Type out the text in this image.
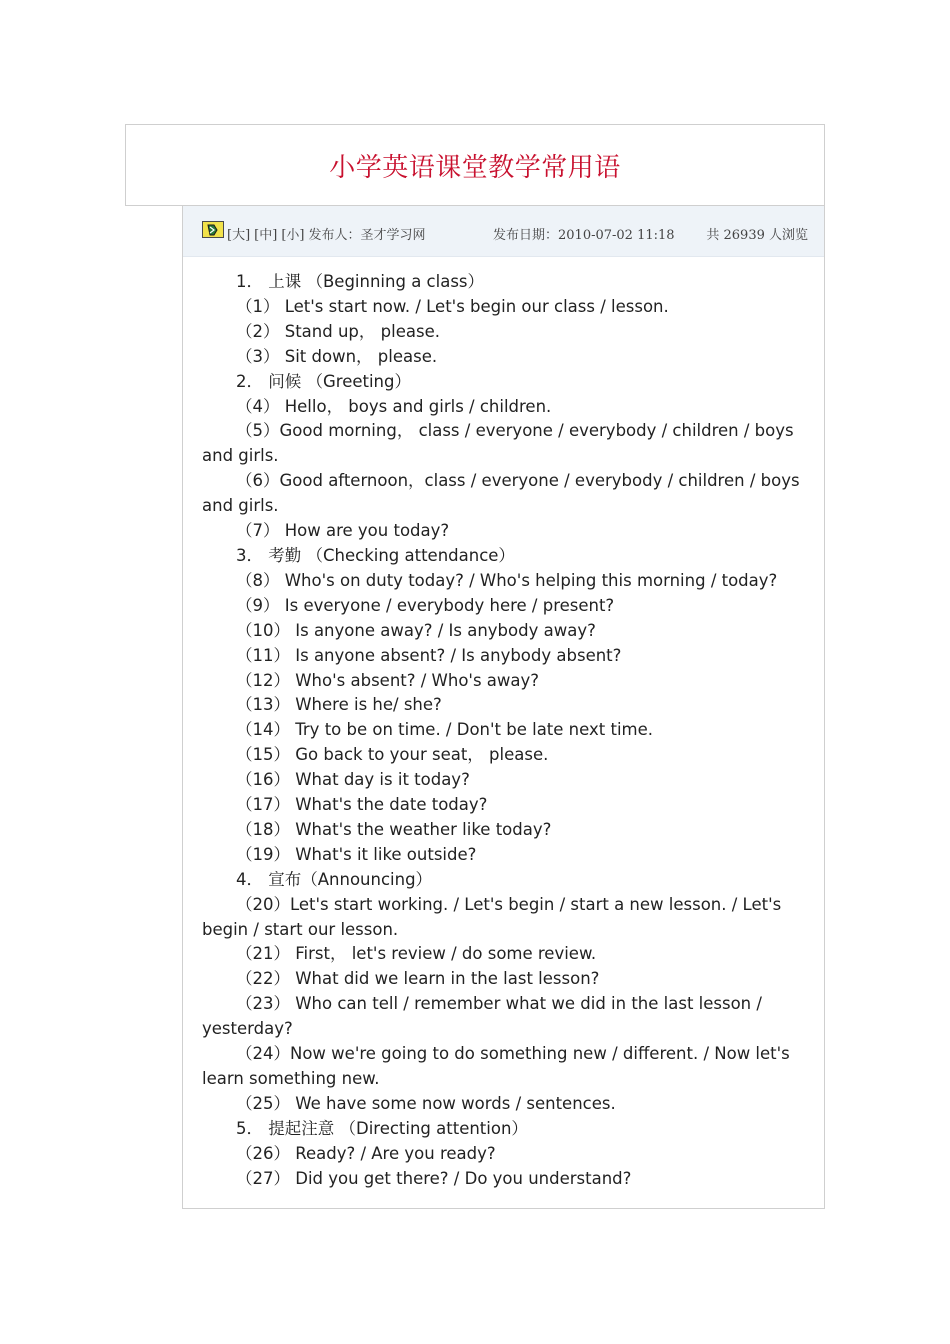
小学英语课堂教学常用语
[大] [中] [小] 发布人：圣才学习网	发布日期：2010-07-02 11:18 共 26939 人浏览
1． 上课 （Beginning a class）
（1） Let's start now. / Let's begin our class / lesson.
（2） Stand up， please.
（3） Sit down， please.
2． 问候 （Greeting）
（4） Hello， boys and girls / children.
（5）Good morning， class / everyone / everybody / children / boys
and girls.
（6）Good afternoon，class / everyone / everybody / children / boys
and girls.
（7） How are you today?
3． 考勤 （Checking attendance）
（8） Who's on duty today? / Who's helping this morning / today?
（9） Is everyone / everybody here / present?
（10） Is anyone away? / Is anybody away?
（11） Is anyone absent? / Is anybody absent?
（12） Who's absent? / Who's away?
（13） Where is he/ she?
（14） Try to be on time. / Don't be late next time.
（15） Go back to your seat， please.
（16） What day is it today?
（17） What's the date today?
（18） What's the weather like today?
（19） What's it like outside?
4． 宣布（Announcing）
（20）Let's start working. / Let's begin / start a new lesson. / Let's
begin / start our lesson.
（21） First， let's review / do some review.
（22） What did we learn in the last lesson?
（23） Who can tell / remember what we did in the last lesson /
yesterday?
（24）Now we're going to do something new / different. / Now let's
learn something new.
（25） We have some now words / sentences.
5． 提起注意 （Directing attention）
（26） Ready? / Are you ready?
（27） Did you get there? / Do you understand?
